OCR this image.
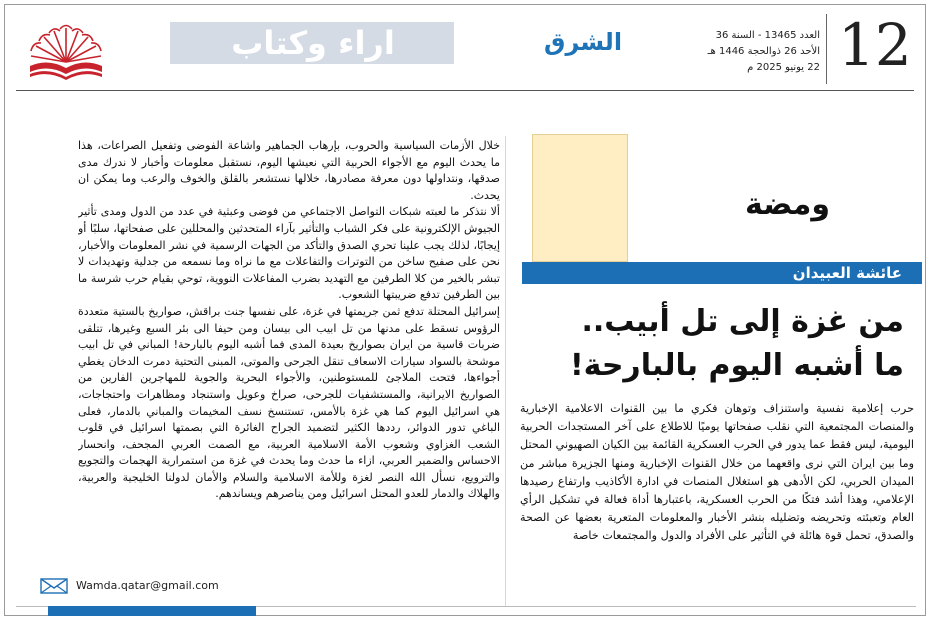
12
العدد 13465 - السنة 36
الأحد 26 ذوالحجة 1446 هـ
22 يونيو 2025 م
الشرق
اراء وكتاب
ومضة
عائشة العبيدان
من غزة إلى تل أبيب..
ما أشبه اليوم بالبارحة!
حرب إعلامية نفسية واستنزاف وتوهان فكري ما بين القنوات الاعلامية الإخبارية والمنصات المجتمعية التي نقلب صفحاتها يوميًا للاطلاع على آخر المستجدات الحربية اليومية، ليس فقط عما يدور في الحرب العسكرية القائمة بين الكيان الصهيوني المحتل وما بين ايران التي نرى واقعهما من خلال القنوات الإخبارية ومنها الجزيرة مباشر من الميدان الحربي، لكن الأدهى هو استغلال المنصات في ادارة الأكاذيب وارتفاع رصيدها الإعلامي، وهذا أشد فتكًا من الحرب العسكرية، باعتبارها أداة فعالة في تشكيل الرأي العام وتعبئته وتحريضه وتضليله بنشر الأخبار والمعلومات المتعرية بعضها عن الصحة والصدق، تحمل قوة هائلة في التأثير على الأفراد والدول والمجتمعات خاصة

خلال الأزمات السياسية والحروب، بإرهاب الجماهير واشاعة الفوضى وتفعيل الصراعات، هذا ما يحدث اليوم مع الأجواء الحربية التي نعيشها اليوم، نستقبل معلومات وأخبار لا ندرك مدى صدقها، ونتداولها دون معرفة مصادرها، خلالها نستشعر بالقلق والخوف والرعب وما يمكن ان يحدث.

ألا نتذكر ما لعبته شبكات التواصل الاجتماعي من فوضى وعبثية في عدد من الدول ومدى تأثير الجيوش الإلكترونية على فكر الشباب والتأثير بآراء المتحدثين والمحللين على صفحاتها، سلبًا أو إيجابًا، لذلك يجب علينا تحري الصدق والتأكد من الجهات الرسمية في نشر المعلومات والأخبار، نحن على صفيح ساخن من التوترات والتفاعلات مع ما نراه وما نسمعه من جدلية وتهديدات لا تبشر بالخير من كلا الطرفين مع التهديد بضرب المفاعلات النووية، توحي بقيام حرب شرسة ما بين الطرفين تدفع ضريبتها الشعوب.

إسرائيل المحتلة تدفع ثمن جريمتها في غزة، على نفسها جنت براقش، صواريخ بالستية متعددة الرؤوس تسقط على مدنها من تل ابيب الى بيسان ومن حيفا الى بئر السبع وغيرها، تتلقى ضربات قاسية من ايران بصواريخ بعيدة المدى فما أشبه اليوم بالبارحة! المباني في تل ابيب موشحة بالسواد سيارات الاسعاف تنقل الجرحى والموتى، المبنى التحتية دمرت الدخان يغطي أجواءها، فتحت الملاجئ للمستوطنين، والأجواء البحرية والجوية للمهاجرين الفارين من الصواريخ الايرانية، والمستشفيات للجرحى، صراخ وعويل واستنجاد ومظاهرات واحتجاجات، هي اسرائيل اليوم كما هي غزة بالأمس، تستنسخ نسف المخيمات والمباني بالدمار، فعلى الباغي تدور الدوائر، رددها الكثير لتضميد الجراح الغائرة التي بصمتها اسرائيل في قلوب الشعب الغزاوي وشعوب الأمة الاسلامية العربية، مع الصمت العربي المجحف، وانحسار الاحساس والضمير العربي، ازاء ما حدث وما يحدث في غزة من استمرارية الهجمات والتجويع والترويع، نسأل الله النصر لغزة وللأمة الاسلامية والسلام والأمان لدولنا الخليجية والعربية، والهلاك والدمار للعدو المحتل اسرائيل ومن يناصرهم ويساندهم.

Wamda.qatar@gmail.com
